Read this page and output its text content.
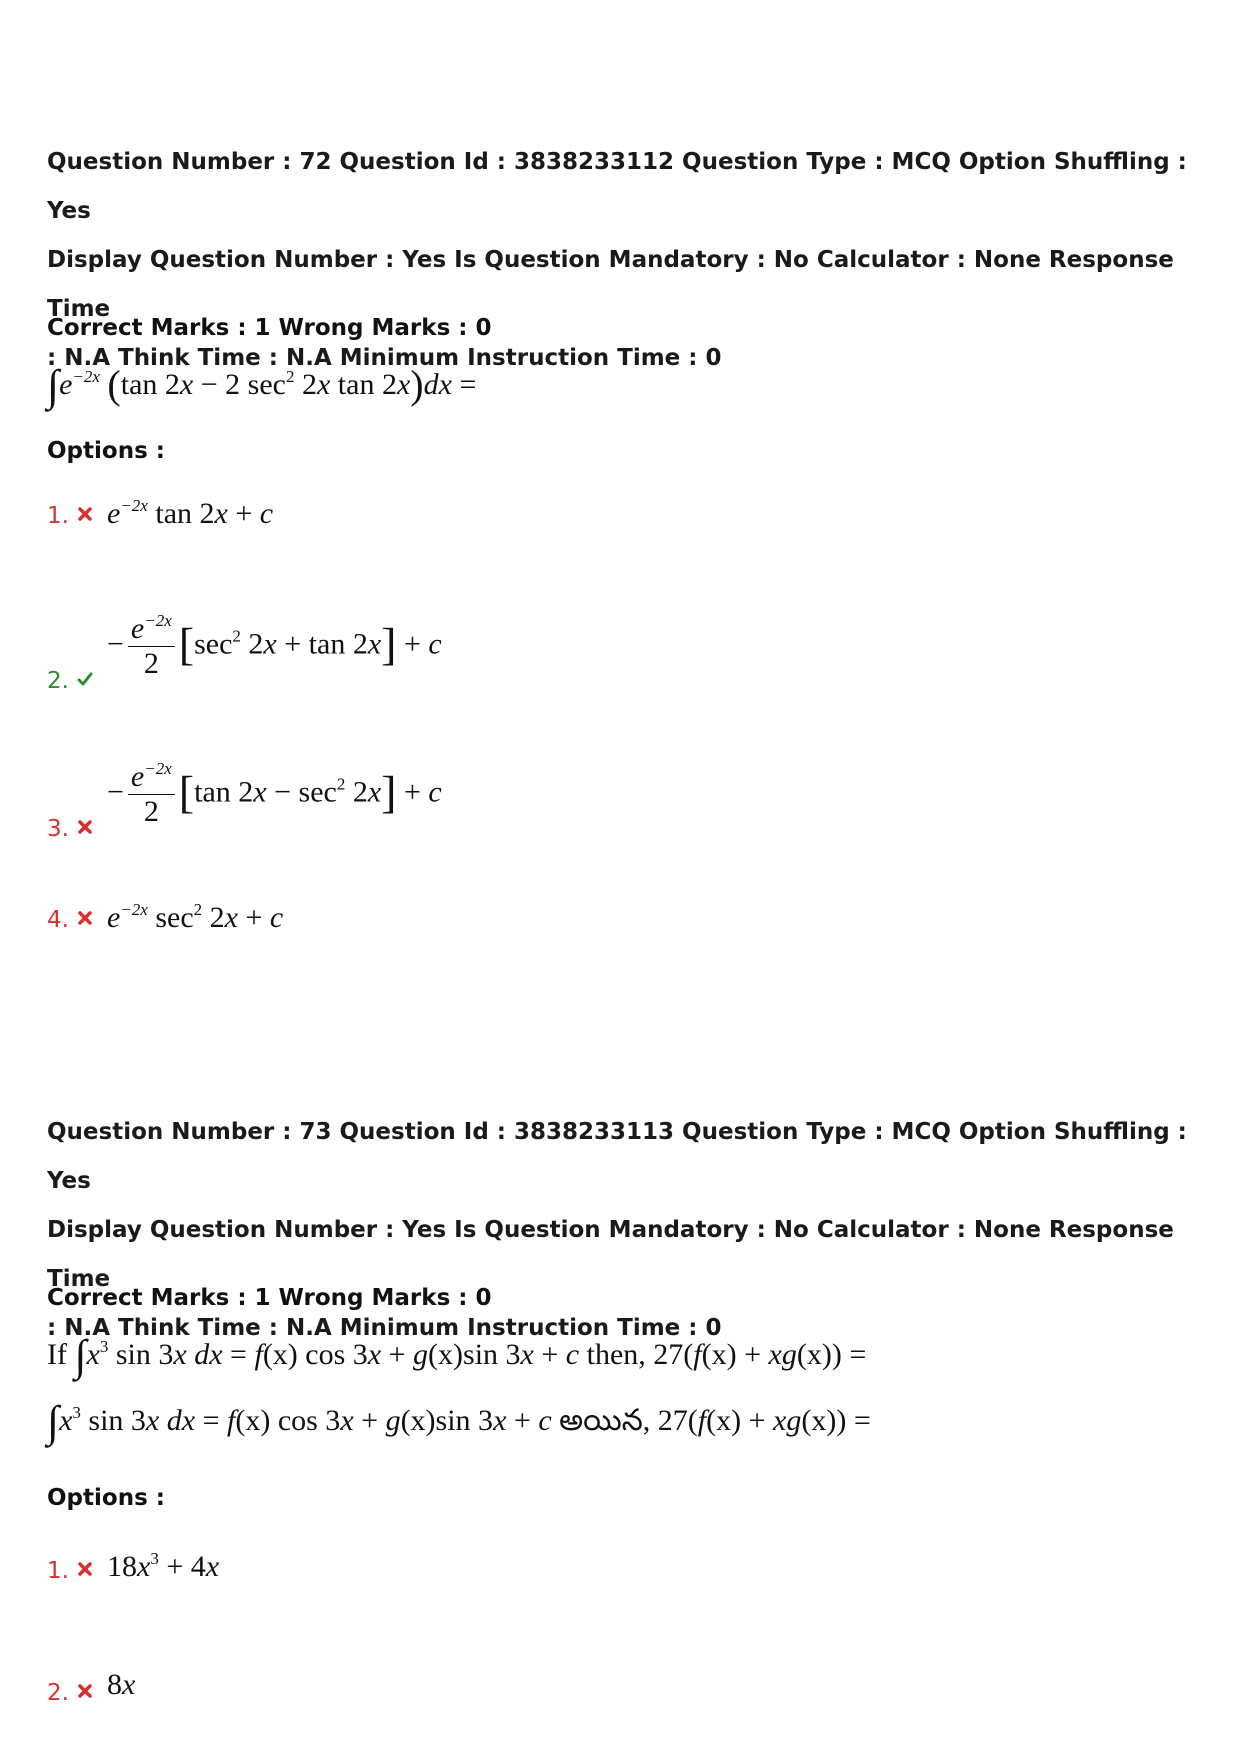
Question Number : 72 Question Id : 3838233112 Question Type : MCQ Option Shuffling : Yes

Display Question Number : Yes Is Question Mandatory : No Calculator : None Response Time

: N.A Think Time : N.A Minimum Instruction Time : 0

Correct Marks : 1 Wrong Marks : 0

$\int e^{-2x}$ (tan 2x − 2 $\sec^2 2x$ tan 2x)dx =
Options :
1. $e^{-2x}$ tan 2x + c
2.
− $\frac{e^{-2x}}{2} [\sec^2$ 2x + tan 2x] + c
3.
− $\frac{e^{-2x}}{2} [\tan$ $2x - \sec^2 2x] + c$
4. $e^{-2x}$ $\sec^2 2x + c$

Question Number : 73 Question Id : 3838233113 Question Type : MCQ Option Shuffling : Yes

Display Question Number : Yes Is Question Mandatory : No Calculator : None Response Time

: N.A Think Time : N.A Minimum Instruction Time : 0

Correct Marks : 1 Wrong Marks : 0

If $\int x^3$ sin 3x dx = f(x) cos 3x + g(x)sin 3x + c then, 27(f(x) + xg(x)) =
$\int x^3$ sin 3x dx = f(x) cos 3x + g(x)sin 3x + c అయిన, 27(f(x) + xg(x)) =
Options :
1. $18x^3 + 4x$
2. 8x
